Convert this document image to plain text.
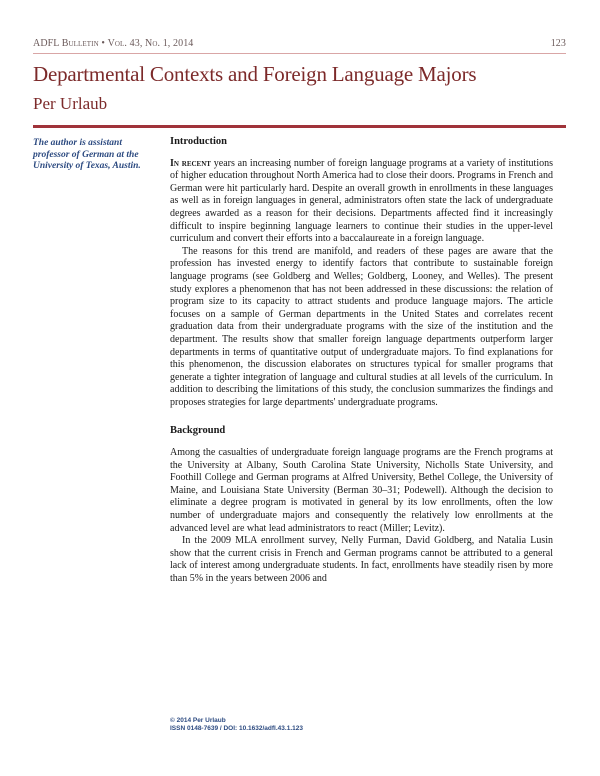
ADFL Bulletin • Vol. 43, No. 1, 2014	123
Departmental Contexts and Foreign Language Majors
Per Urlaub
The author is assistant professor of German at the University of Texas, Austin.
Introduction

In recent years an increasing number of foreign language programs at a variety of institutions of higher education throughout North America had to close their doors. Programs in French and German were hit particularly hard. Despite an overall growth in enrollments in these languages as well as in foreign languages in general, administrators often state the lack of undergraduate degrees awarded as a reason for their decisions. Departments affected find it increasingly difficult to inspire beginning language learners to continue their studies in the upper-level curriculum and convert their efforts into a baccalaureate in a foreign language.

The reasons for this trend are manifold, and readers of these pages are aware that the profession has invested energy to identify factors that contribute to sustainable foreign language programs (see Goldberg and Welles; Goldberg, Looney, and Welles). The present study explores a phenomenon that has not been addressed in these discussions: the relation of program size to its capacity to attract students and produce language majors. The article focuses on a sample of German departments in the United States and correlates recent graduation data from their undergraduate programs with the size of the institution and the department. The results show that smaller foreign language departments outperform larger departments in terms of quantitative output of undergraduate majors. To find explanations for this phenomenon, the discussion elaborates on structures typical for smaller programs that generate a tighter integration of language and cultural studies at all levels of the curriculum. In addition to describing the limitations of this study, the conclusion summarizes the findings and proposes strategies for large departments' undergraduate programs.

Background

Among the casualties of undergraduate foreign language programs are the French programs at the University at Albany, South Carolina State University, Nicholls State University, and Foothill College and German programs at Alfred University, Bethel College, the University of Maine, and Louisiana State University (Berman 30–31; Podewell). Although the decision to eliminate a degree program is motivated in general by its low enrollments, often the low number of undergraduate majors and consequently the relatively low enrollments at the advanced level are what lead administrators to react (Miller; Levitz).

In the 2009 MLA enrollment survey, Nelly Furman, David Goldberg, and Natalia Lusin show that the current crisis in French and German programs cannot be attributed to a general lack of interest among undergraduate students. In fact, enrollments have steadily risen by more than 5% in the years between 2006 and

© 2014 Per Urlaub
ISSN 0148-7639 / DOI: 10.1632/adfl.43.1.123
